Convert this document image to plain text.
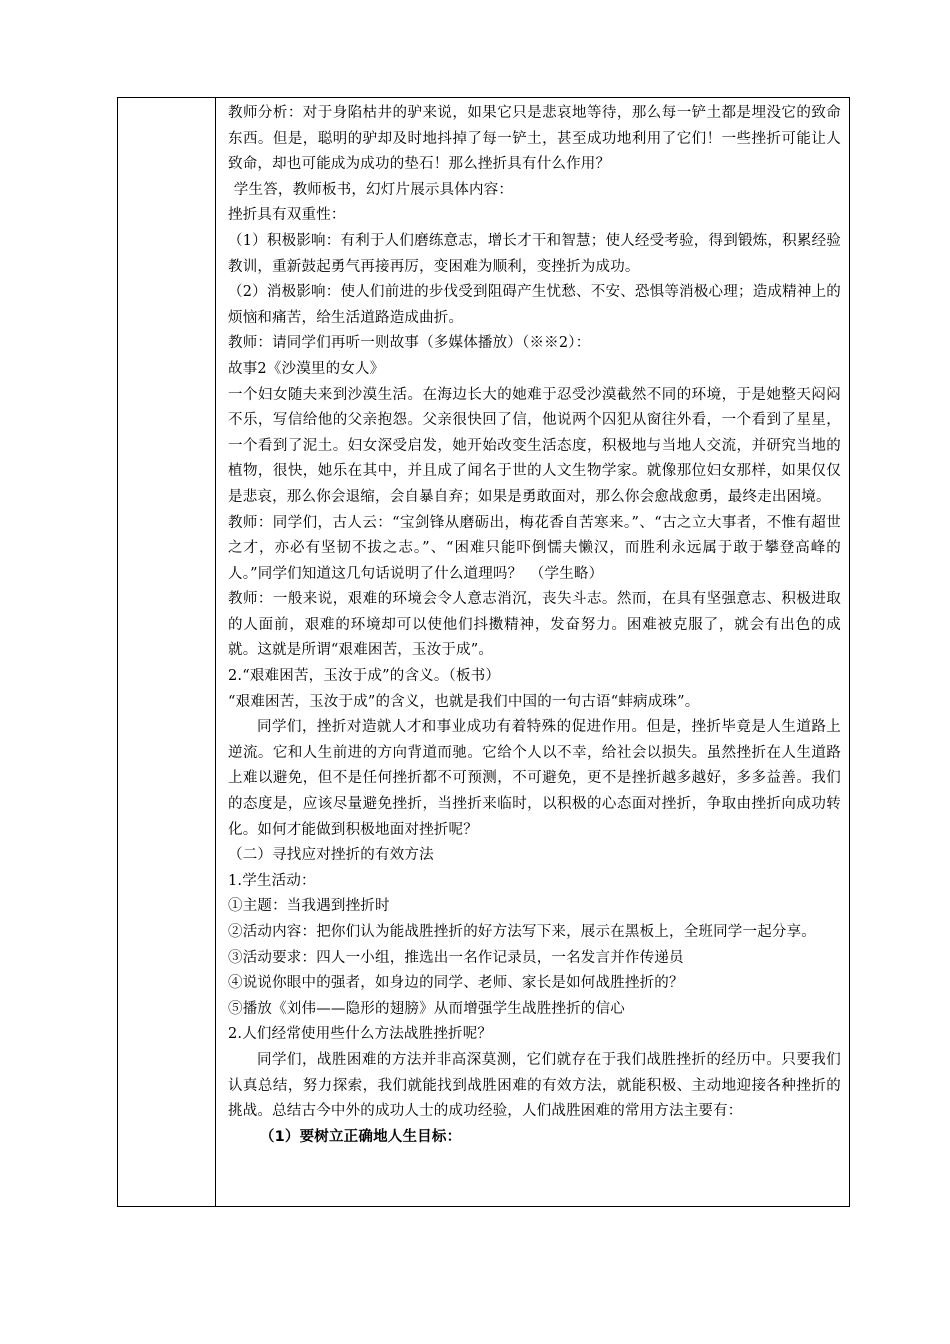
教师分析：对于身陷枯井的驴来说，如果它只是悲哀地等待，那么每一铲土都是埋没它的致命东西。但是，聪明的驴却及时地抖掉了每一铲土，甚至成功地利用了它们！一些挫折可能让人致命，却也可能成为成功的垫石！那么挫折具有什么作用？

学生答，教师板书，幻灯片展示具体内容：

挫折具有双重性：

（1）积极影响：有利于人们磨练意志，增长才干和智慧；使人经受考验，得到锻炼，积累经验教训，重新鼓起勇气再接再厉，变困难为顺利，变挫折为成功。

（2）消极影响：使人们前进的步伐受到阻碍产生忧愁、不安、恐惧等消极心理；造成精神上的烦恼和痛苦，给生活道路造成曲折。

教师：请同学们再听一则故事（多媒体播放）（※※2）：

故事2《沙漠里的女人》

一个妇女随夫来到沙漠生活。在海边长大的她难于忍受沙漠截然不同的环境，于是她整天闷闷不乐，写信给他的父亲抱怨。父亲很快回了信，他说两个囚犯从窗往外看，一个看到了星星，一个看到了泥土。妇女深受启发，她开始改变生活态度，积极地与当地人交流，并研究当地的植物，很快，她乐在其中，并且成了闻名于世的人文生物学家。就像那位妇女那样，如果仅仅是悲哀，那么你会退缩，会自暴自弃；如果是勇敢面对，那么你会愈战愈勇，最终走出困境。

教师：同学们，古人云：“宝剑锋从磨砺出，梅花香自苦寒来。”、“古之立大事者，不惟有超世之才，亦必有坚韧不拔之志。”、“困难只能吓倒懦夫懒汉，而胜利永远属于敢于攀登高峰的人。”同学们知道这几句话说明了什么道理吗？　（学生略）

教师：一般来说，艰难的环境会令人意志消沉，丧失斗志。然而，在具有坚强意志、积极进取的人面前，艰难的环境却可以使他们抖擞精神，发奋努力。困难被克服了，就会有出色的成就。这就是所谓“艰难困苦，玉汝于成”。

2.“艰难困苦，玉汝于成”的含义。（板书）

“艰难困苦，玉汝于成”的含义，也就是我们中国的一句古语“蚌病成珠”。

同学们，挫折对造就人才和事业成功有着特殊的促进作用。但是，挫折毕竟是人生道路上逆流。它和人生前进的方向背道而驰。它给个人以不幸，给社会以损失。虽然挫折在人生道路上难以避免，但不是任何挫折都不可预测，不可避免，更不是挫折越多越好，多多益善。我们的态度是，应该尽量避免挫折，当挫折来临时，以积极的心态面对挫折，争取由挫折向成功转化。如何才能做到积极地面对挫折呢？

（二）寻找应对挫折的有效方法

1.学生活动：

①主题：当我遇到挫折时

②活动内容：把你们认为能战胜挫折的好方法写下来，展示在黑板上，全班同学一起分享。

③活动要求：四人一小组，推选出一名作记录员，一名发言并作传递员

④说说你眼中的强者，如身边的同学、老师、家长是如何战胜挫折的？

⑤播放《刘伟——隐形的翅膀》从而增强学生战胜挫折的信心

2.人们经常使用些什么方法战胜挫折呢？

同学们，战胜困难的方法并非高深莫测，它们就存在于我们战胜挫折的经历中。只要我们认真总结，努力探索，我们就能找到战胜困难的有效方法，就能积极、主动地迎接各种挫折的挑战。总结古今中外的成功人士的成功经验，人们战胜困难的常用方法主要有：

（1）要树立正确地人生目标：
